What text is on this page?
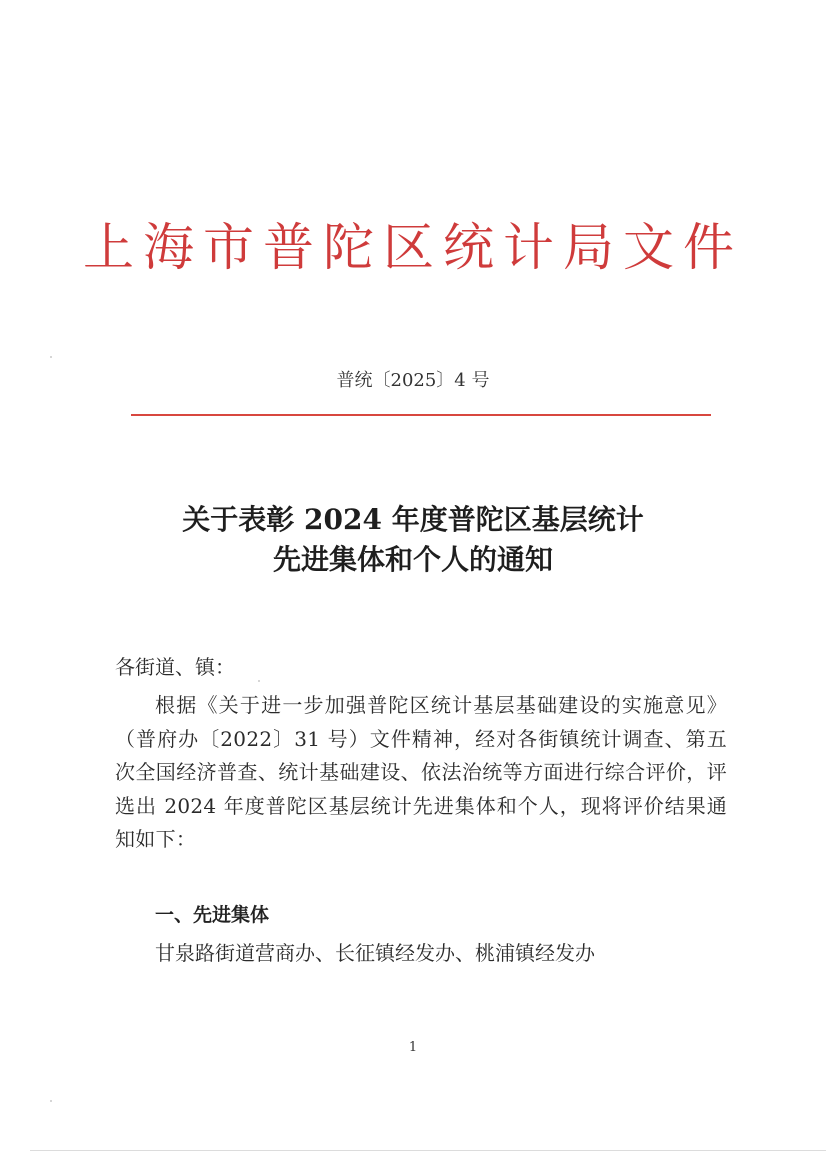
上海市普陀区统计局文件
普统〔2025〕4 号
关于表彰 2024 年度普陀区基层统计
先进集体和个人的通知
各街道、镇：
根据《关于进一步加强普陀区统计基层基础建设的实施意见》（普府办〔2022〕31 号）文件精神，经对各街镇统计调查、第五次全国经济普查、统计基础建设、依法治统等方面进行综合评价，评选出 2024 年度普陀区基层统计先进集体和个人，现将评价结果通知如下：
一、先进集体
甘泉路街道营商办、长征镇经发办、桃浦镇经发办
1
